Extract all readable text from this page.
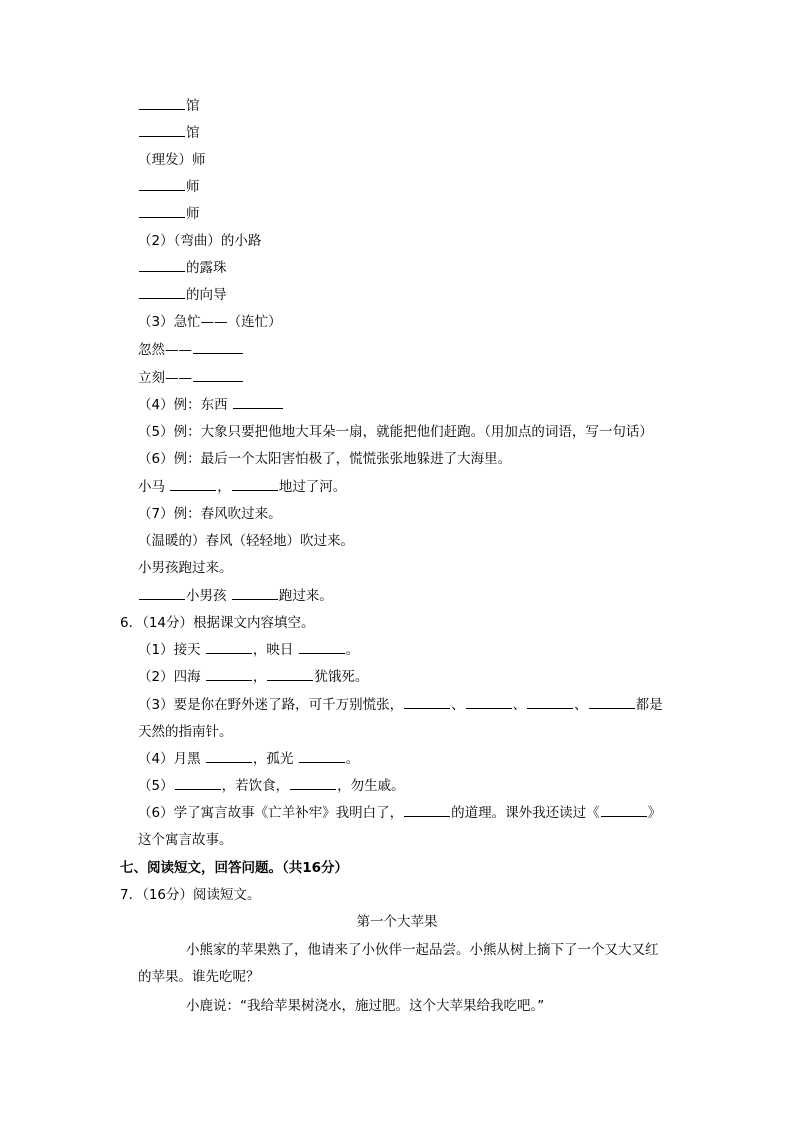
馆
馆
（理发）师
师
师
（2）（弯曲）的小路
的露珠
的向导
（3）急忙——（连忙）
忽然——
立刻——
（4）例：东西
（5）例：大象只要把他地大耳朵一扇，就能把他们赶跑。（用加点的词语，写一句话）
（6）例：最后一个太阳害怕极了，慌慌张张地躲进了大海里。
小马	，	地过了河。
（7）例：春风吹过来。
（温暖的）春风（轻轻地）吹过来。
小男孩跑过来。
小男孩	跑过来。
6．（14分）根据课文内容填空。
（1）接天	，映日	。
（2）四海	，	犹饿死。
（3）要是你在野外迷了路，可千万别慌张，	、	、	、	都是
天然的指南针。
（4）月黑	，孤光	。
（5）	，若饮食，	，勿生戚。
（6）学了寓言故事《亡羊补牢》我明白了，	的道理。课外我还读过《	》
这个寓言故事。
七、阅读短文，回答问题。（共16分）
7．（16分）阅读短文。
第一个大苹果
小熊家的苹果熟了，他请来了小伙伴一起品尝。小熊从树上摘下了一个又大又红
的苹果。谁先吃呢？
小鹿说：“我给苹果树浇水，施过肥。这个大苹果给我吃吧。”
